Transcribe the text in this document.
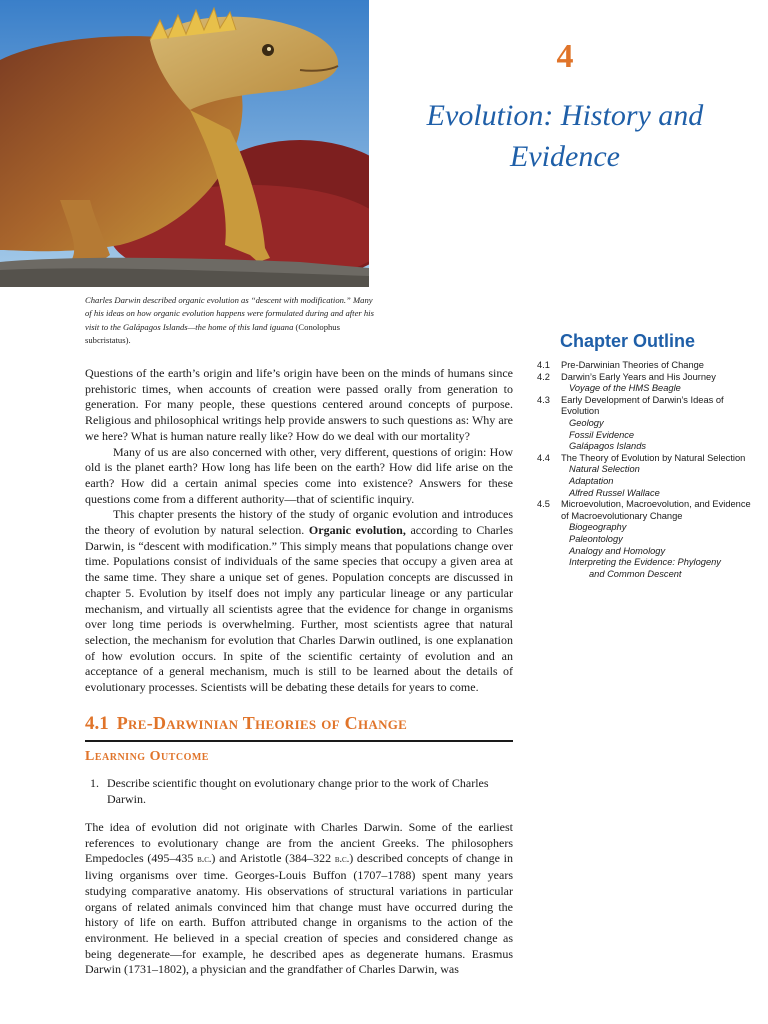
Charles Darwin described organic evolution as “descent with modification.” Many of his ideas on how organic evolution happens were formulated during and after his visit to the Galápagos Islands—the home of this land iguana (Conolophus subcristatus).
4
Evolution: History and
Evidence
Chapter Outline
4.1 Pre-Darwinian Theories of Change
4.2 Darwin’s Early Years and His Journey
Voyage of the HMS Beagle
4.3 Early Development of Darwin’s Ideas of Evolution
Geology
Fossil Evidence
Galápagos Islands
4.4 The Theory of Evolution by Natural Selection
Natural Selection
Adaptation
Alfred Russel Wallace
4.5 Microevolution, Macroevolution, and Evidence of Macroevolutionary Change
Biogeography
Paleontology
Analogy and Homology
Interpreting the Evidence: Phylogeny
and Common Descent

Questions of the earth’s origin and life’s origin have been on the minds of humans since prehistoric times, when accounts of creation were passed orally from generation to generation. For many people, these questions centered around concepts of purpose. Religious and philosophical writings help provide answers to such questions as: Why are we here? What is human nature really like? How do we deal with our mortality?

Many of us are also concerned with other, very different, questions of origin: How old is the planet earth? How long has life been on the earth? How did life arise on the earth? How did a certain animal species come into existence? Answers for these questions come from a different authority—that of scientific inquiry.

This chapter presents the history of the study of organic evolution and introduces the theory of evolution by natural selection. Organic evolution, according to Charles Darwin, is “descent with modification.” This simply means that populations change over time. Populations consist of individuals of the same species that occupy a given area at the same time. They share a unique set of genes. Population concepts are discussed in chapter 5. Evolution by itself does not imply any particular lineage or any particular mechanism, and virtually all scientists agree that the evidence for change in organisms over long time periods is overwhelming. Further, most scientists agree that natural selection, the mechanism for evolution that Charles Darwin outlined, is one explanation of how evolution occurs. In spite of the scientific certainty of evolution and an acceptance of a general mechanism, much is still to be learned about the details of evolutionary processes. Scientists will be debating these details for years to come.

4.1 Pre-Darwinian Theories of Change
Learning Outcome
1. Describe scientific thought on evolutionary change prior to the work of Charles Darwin.

The idea of evolution did not originate with Charles Darwin. Some of the earliest references to evolutionary change are from the ancient Greeks. The philosophers Empedocles (495–435 b.c.) and Aristotle (384–322 b.c.) described concepts of change in living organisms over time. Georges-Louis Buffon (1707–1788) spent many years studying comparative anatomy. His observations of structural variations in particular organs of related animals convinced him that change must have occurred during the history of life on earth. Buffon attributed change in organisms to the action of the environment. He believed in a special creation of species and considered change as being degenerate—for example, he described apes as degenerate humans. Erasmus Darwin (1731–1802), a physician and the grandfather of Charles Darwin, was
